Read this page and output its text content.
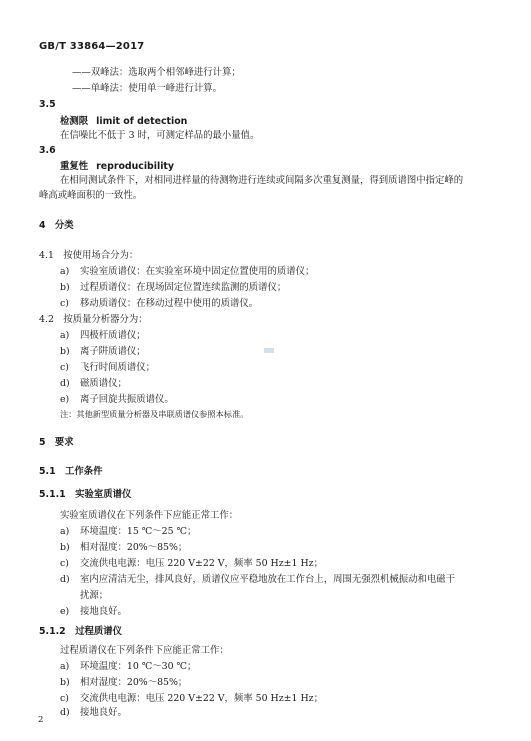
GB/T 33864—2017
——双峰法：选取两个相邻峰进行计算；
——单峰法：使用单一峰进行计算。
3.5
检测限 limit of detection
在信噪比不低于 3 时，可测定样品的最小量值。
3.6
重复性 reproducibility
在相同测试条件下，对相同进样量的待测物进行连续或间隔多次重复测量，得到质谱图中指定峰的
峰高或峰面积的一致性。
4　分类
4.1　按使用场合分为：
a) 实验室质谱仪：在实验室环境中固定位置使用的质谱仪；
b) 过程质谱仪：在现场固定位置连续监测的质谱仪；
c) 移动质谱仪：在移动过程中使用的质谱仪。
4.2　按质量分析器分为：
a) 四极杆质谱仪；
b) 离子阱质谱仪；
c) 飞行时间质谱仪；
d) 磁质谱仪；
e) 离子回旋共振质谱仪。
注：其他新型质量分析器及串联质谱仪参照本标准。
5　要求
5.1　工作条件
5.1.1　实验室质谱仪
实验室质谱仪在下列条件下应能正常工作：
a) 环境温度：15 ℃～25 ℃；
b) 相对湿度：20%～85%；
c) 交流供电电源：电压 220 V±22 V，频率 50 Hz±1 Hz；
d) 室内应清洁无尘，排风良好，质谱仪应平稳地放在工作台上，周围无强烈机械振动和电磁干
扰源；
e) 接地良好。
5.1.2　过程质谱仪
过程质谱仪在下列条件下应能正常工作：
a) 环境温度：10 ℃～30 ℃；
b) 相对湿度：20%～85%；
c) 交流供电电源：电压 220 V±22 V，频率 50 Hz±1 Hz；
d) 接地良好。
2
